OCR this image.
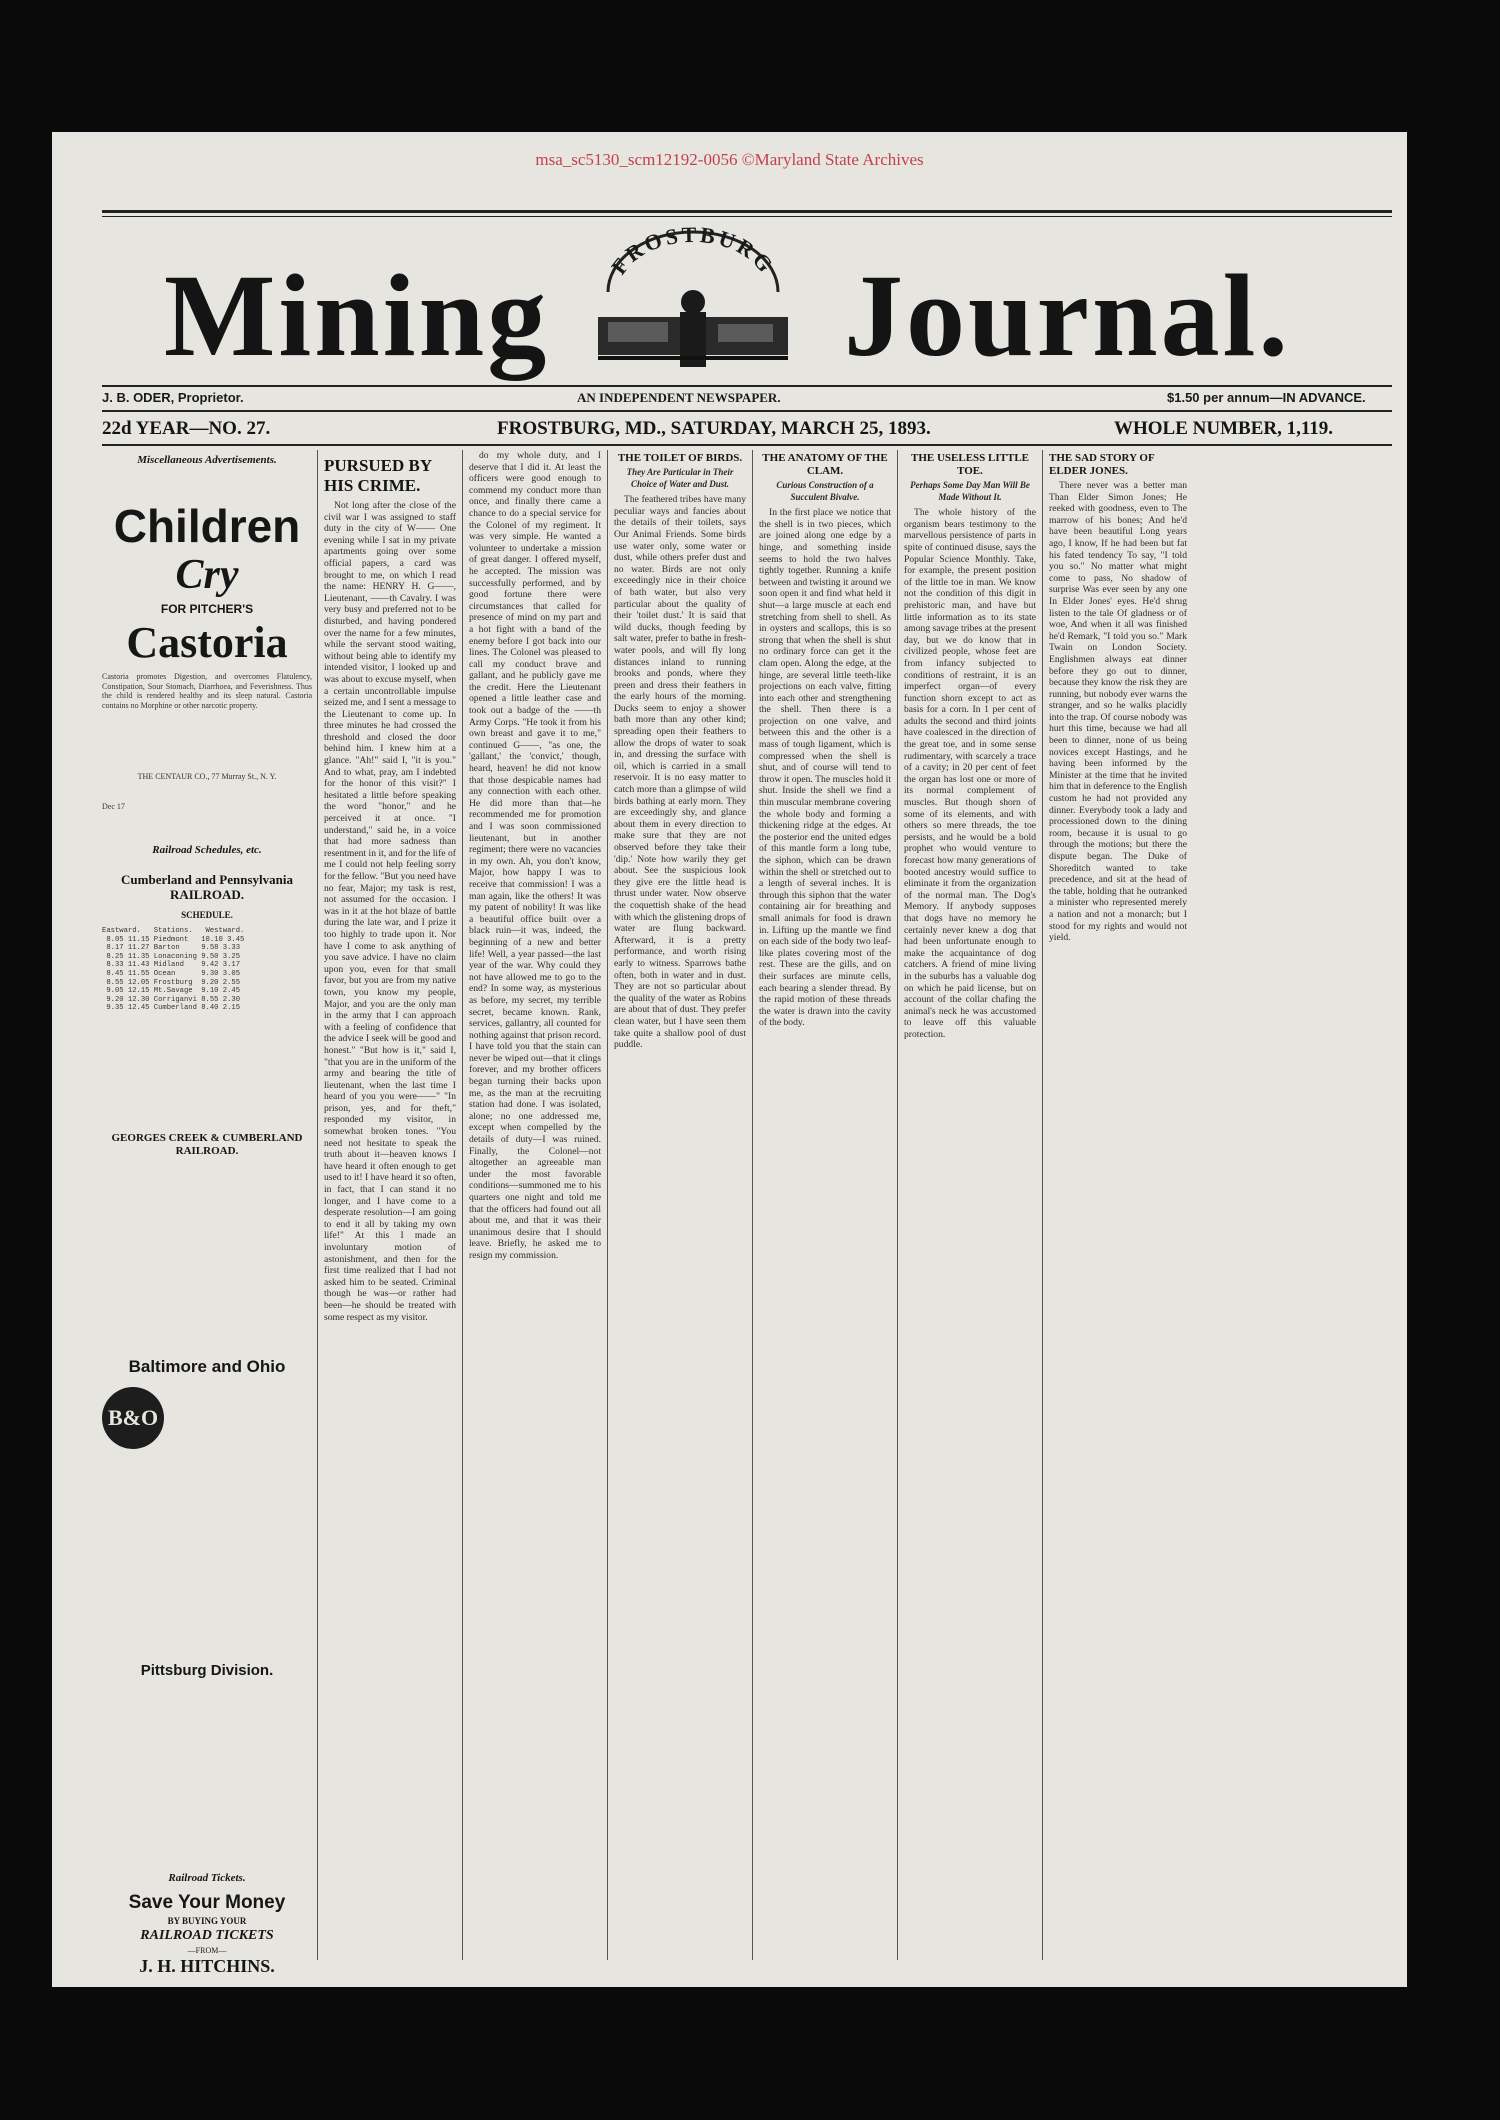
msa_sc5130_scm12192-0056 ©Maryland State Archives
Mining	FROSTBURG Journal.
J. B. ODER, Proprietor.	AN INDEPENDENT NEWSPAPER.	$1.50 per annum—IN ADVANCE.
22d YEAR—NO. 27.	FROSTBURG, MD., SATURDAY, MARCH 25, 1893.	WHOLE NUMBER, 1,119.
Miscellaneous Advertisements.
Children
Cry
FOR PITCHER'S
Castoria
Castoria promotes Digestion, and overcomes Flatulency, Constipation, Sour Stomach, Diarrhoea, and Feverishness. Thus the child is rendered healthy and its sleep natural. Castoria contains no Morphine or other narcotic property.
THE CENTAUR CO., 77 Murray St., N. Y.
Dec 17
Railroad Schedules, etc.
Cumberland and Pennsylvania RAILROAD.
SCHEDULE.
Eastward.   Stations.   Westward.
8.05 11.15 Piedmont   10.10 3.45
8.17 11.27 Barton     9.58 3.33
8.25 11.35 Lonaconing 9.50 3.25
8.33 11.43 Midland    9.42 3.17
8.45 11.55 Ocean      9.30 3.05
8.55 12.05 Frostburg  9.20 2.55
9.05 12.15 Mt.Savage  9.10 2.45
9.20 12.30 Corriganvi 8.55 2.30
9.35 12.45 Cumberland 8.40 2.15
GEORGES CREEK & CUMBERLAND RAILROAD.
Baltimore and Ohio
B&O
Pittsburg Division.
Railroad Tickets.
Save Your Money
BY BUYING YOUR
RAILROAD TICKETS
—FROM—
J. H. HITCHINS.
PURSUED BY HIS CRIME.

Not long after the close of the civil war I was assigned to staff duty in the city of W—— One evening while I sat in my private apartments going over some official papers, a card was brought to me, on which I read the name: HENRY H. G——, Lieutenant, ——th Cavalry. I was very busy and preferred not to be disturbed, and having pondered over the name for a few minutes, while the servant stood waiting, without being able to identify my intended visitor, I looked up and was about to excuse myself, when a certain uncontrollable impulse seized me, and I sent a message to the Lieutenant to come up. In three minutes he had crossed the threshold and closed the door behind him. I knew him at a glance. "Ah!" said I, "it is you." And to what, pray, am I indebted for the honor of this visit?" I hesitated a little before speaking the word "honor," and he perceived it at once. "I understand," said he, in a voice that had more sadness than resentment in it, and for the life of me I could not help feeling sorry for the fellow. "But you need have no fear, Major; my task is rest, not assumed for the occasion. I was in it at the hot blaze of battle during the late war, and I prize it too highly to trade upon it. Nor have I come to ask anything of you save advice. I have no claim upon you, even for that small favor, but you are from my native town, you know my people, Major, and you are the only man in the army that I can approach with a feeling of confidence that the advice I seek will be good and honest." "But how is it," said I, "that you are in the uniform of the army and bearing the title of lieutenant, when the last time I heard of you you were——" "In prison, yes, and for theft," responded my visitor, in somewhat broken tones. "You need not hesitate to speak the truth about it—heaven knows I have heard it often enough to get used to it! I have heard it so often, in fact, that I can stand it no longer, and I have come to a desperate resolution—I am going to end it all by taking my own life!" At this I made an involuntary motion of astonishment, and then for the first time realized that I had not asked him to be seated. Criminal though he was—or rather had been—he should be treated with some respect as my visitor.

do my whole duty, and I deserve that I did it. At least the officers were good enough to commend my conduct more than once, and finally there came a chance to do a special service for the Colonel of my regiment. It was very simple. He wanted a volunteer to undertake a mission of great danger. I offered myself, he accepted. The mission was successfully performed, and by good fortune there were circumstances that called for presence of mind on my part and a hot fight with a band of the enemy before I got back into our lines. The Colonel was pleased to call my conduct brave and gallant, and he publicly gave me the credit. Here the Lieutenant opened a little leather case and took out a badge of the ——th Army Corps. "He took it from his own breast and gave it to me," continued G——, "as one, the 'gallant,' the 'convict,' though, heard, heaven! he did not know that those despicable names had any connection with each other. He did more than that—he recommended me for promotion and I was soon commissioned lieutenant, but in another regiment; there were no vacancies in my own. Ah, you don't know, Major, how happy I was to receive that commission! I was a man again, like the others! It was my patent of nobility! It was like a beautiful office built over a black ruin—it was, indeed, the beginning of a new and better life! Well, a year passed—the last year of the war. Why could they not have allowed me to go to the end? In some way, as mysterious as before, my secret, my terrible secret, became known. Rank, services, gallantry, all counted for nothing against that prison record. I have told you that the stain can never be wiped out—that it clings forever, and my brother officers began turning their backs upon me, as the man at the recruiting station had done. I was isolated, alone; no one addressed me, except when compelled by the details of duty—I was ruined. Finally, the Colonel—not altogether an agreeable man under the most favorable conditions—summoned me to his quarters one night and told me that the officers had found out all about me, and that it was their unanimous desire that I should leave. Briefly, he asked me to resign my commission.

THE TOILET OF BIRDS.
They Are Particular in Their Choice of Water and Dust.

The feathered tribes have many peculiar ways and fancies about the details of their toilets, says Our Animal Friends. Some birds use water only, some water or dust, while others prefer dust and no water. Birds are not only exceedingly nice in their choice of bath water, but also very particular about the quality of their 'toilet dust.' It is said that wild ducks, though feeding by salt water, prefer to bathe in fresh-water pools, and will fly long distances inland to running brooks and ponds, where they preen and dress their feathers in the early hours of the morning. Ducks seem to enjoy a shower bath more than any other kind; spreading open their feathers to allow the drops of water to soak in, and dressing the surface with oil, which is carried in a small reservoir. It is no easy matter to catch more than a glimpse of wild birds bathing at early morn. They are exceedingly shy, and glance about them in every direction to make sure that they are not observed before they take their 'dip.' Note how warily they get about. See the suspicious look they give ere the little head is thrust under water. Now observe the coquettish shake of the head with which the glistening drops of water are flung backward. Afterward, it is a pretty performance, and worth rising early to witness. Sparrows bathe often, both in water and in dust. They are not so particular about the quality of the water as Robins are about that of dust. They prefer clean water, but I have seen them take quite a shallow pool of dust puddle.

THE ANATOMY OF THE CLAM.
Curious Construction of a Succulent Bivalve.

In the first place we notice that the shell is in two pieces, which are joined along one edge by a hinge, and something inside seems to hold the two halves tightly together. Running a knife between and twisting it around we soon open it and find what held it shut—a large muscle at each end stretching from shell to shell. As in oysters and scallops, this is so strong that when the shell is shut no ordinary force can get it the clam open. Along the edge, at the hinge, are several little teeth-like projections on each valve, fitting into each other and strengthening the shell. Then there is a projection on one valve, and between this and the other is a mass of tough ligament, which is compressed when the shell is shut, and of course will tend to throw it open. The muscles hold it shut. Inside the shell we find a thin muscular membrane covering the whole body and forming a thickening ridge at the edges. At the posterior end the united edges of this mantle form a long tube, the siphon, which can be drawn within the shell or stretched out to a length of several inches. It is through this siphon that the water containing air for breathing and small animals for food is drawn in. Lifting up the mantle we find on each side of the body two leaf-like plates covering most of the rest. These are the gills, and on their surfaces are minute cells, each bearing a slender thread. By the rapid motion of these threads the water is drawn into the cavity of the body.

THE USELESS LITTLE TOE.
Perhaps Some Day Man Will Be Made Without It.

The whole history of the organism bears testimony to the marvellous persistence of parts in spite of continued disuse, says the Popular Science Monthly. Take, for example, the present position of the little toe in man. We know not the condition of this digit in prehistoric man, and have but little information as to its state among savage tribes at the present day, but we do know that in civilized people, whose feet are from infancy subjected to conditions of restraint, it is an imperfect organ—of every function shorn except to act as basis for a corn. In 1 per cent of adults the second and third joints have coalesced in the direction of the great toe, and in some sense rudimentary, with scarcely a trace of a cavity; in 20 per cent of feet the organ has lost one or more of its normal complement of muscles. But though shorn of some of its elements, and with others so mere threads, the toe persists, and he would be a bold prophet who would venture to forecast how many generations of booted ancestry would suffice to eliminate it from the organization of the normal man. The Dog's Memory. If anybody supposes that dogs have no memory he certainly never knew a dog that had been unfortunate enough to make the acquaintance of dog catchers. A friend of mine living in the suburbs has a valuable dog on which he paid license, but on account of the collar chafing the animal's neck he was accustomed to leave off this valuable protection.

THE SAD STORY OF ELDER JONES.

There never was a better man Than Elder Simon Jones; He reeked with goodness, even to The marrow of his bones; And he'd have been beautiful Long years ago, I know, If he had been but fat his fated tendency To say, "I told you so." No matter what might come to pass, No shadow of surprise Was ever seen by any one In Elder Jones' eyes. He'd shrug listen to the tale Of gladness or of woe, And when it all was finished he'd Remark, "I told you so." Mark Twain on London Society. Englishmen always eat dinner before they go out to dinner, because they know the risk they are running, but nobody ever warns the stranger, and so he walks placidly into the trap. Of course nobody was hurt this time, because we had all been to dinner, none of us being novices except Hastings, and he having been informed by the Minister at the time that he invited him that in deference to the English custom he had not provided any dinner. Everybody took a lady and processioned down to the dining room, because it is usual to go through the motions; but there the dispute began. The Duke of Shoreditch wanted to take precedence, and sit at the head of the table, holding that he outranked a minister who represented merely a nation and not a monarch; but I stood for my rights and would not yield.
